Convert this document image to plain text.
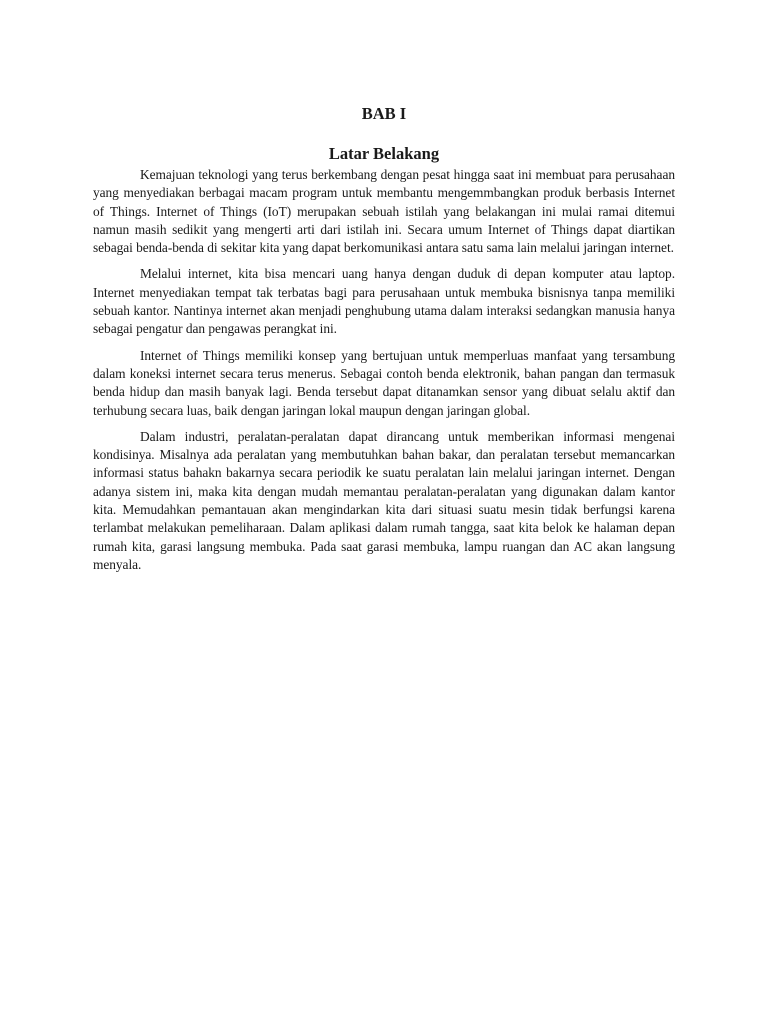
BAB I
Latar Belakang

Kemajuan teknologi yang terus berkembang dengan pesat hingga saat ini membuat para perusahaan yang menyediakan berbagai macam program untuk membantu mengemmbangkan produk berbasis Internet of Things. Internet of Things (IoT) merupakan sebuah istilah yang belakangan ini mulai ramai ditemui namun masih sedikit yang mengerti arti dari istilah ini. Secara umum Internet of Things dapat diartikan sebagai benda-benda di sekitar kita yang dapat berkomunikasi antara satu sama lain melalui jaringan internet.

Melalui internet, kita bisa mencari uang hanya dengan duduk di depan komputer atau laptop. Internet menyediakan tempat tak terbatas bagi para perusahaan untuk membuka bisnisnya tanpa memiliki sebuah kantor. Nantinya internet akan menjadi penghubung utama dalam interaksi sedangkan manusia hanya sebagai pengatur dan pengawas perangkat ini.

Internet of Things memiliki konsep yang bertujuan untuk memperluas manfaat yang tersambung dalam koneksi internet secara terus menerus. Sebagai contoh benda elektronik, bahan pangan dan termasuk benda hidup dan masih banyak lagi. Benda tersebut dapat ditanamkan sensor yang dibuat selalu aktif dan terhubung secara luas, baik dengan jaringan lokal maupun dengan jaringan global.

Dalam industri, peralatan-peralatan dapat dirancang untuk memberikan informasi mengenai kondisinya. Misalnya ada peralatan yang membutuhkan bahan bakar, dan peralatan tersebut memancarkan informasi status bahakn bakarnya secara periodik ke suatu peralatan lain melalui jaringan internet. Dengan adanya sistem ini, maka kita dengan mudah memantau peralatan-peralatan yang digunakan dalam kantor kita. Memudahkan pemantauan akan mengindarkan kita dari situasi suatu mesin tidak berfungsi karena terlambat melakukan pemeliharaan. Dalam aplikasi dalam rumah tangga, saat kita belok ke halaman depan rumah kita, garasi langsung membuka. Pada saat garasi membuka, lampu ruangan dan AC akan langsung menyala.
